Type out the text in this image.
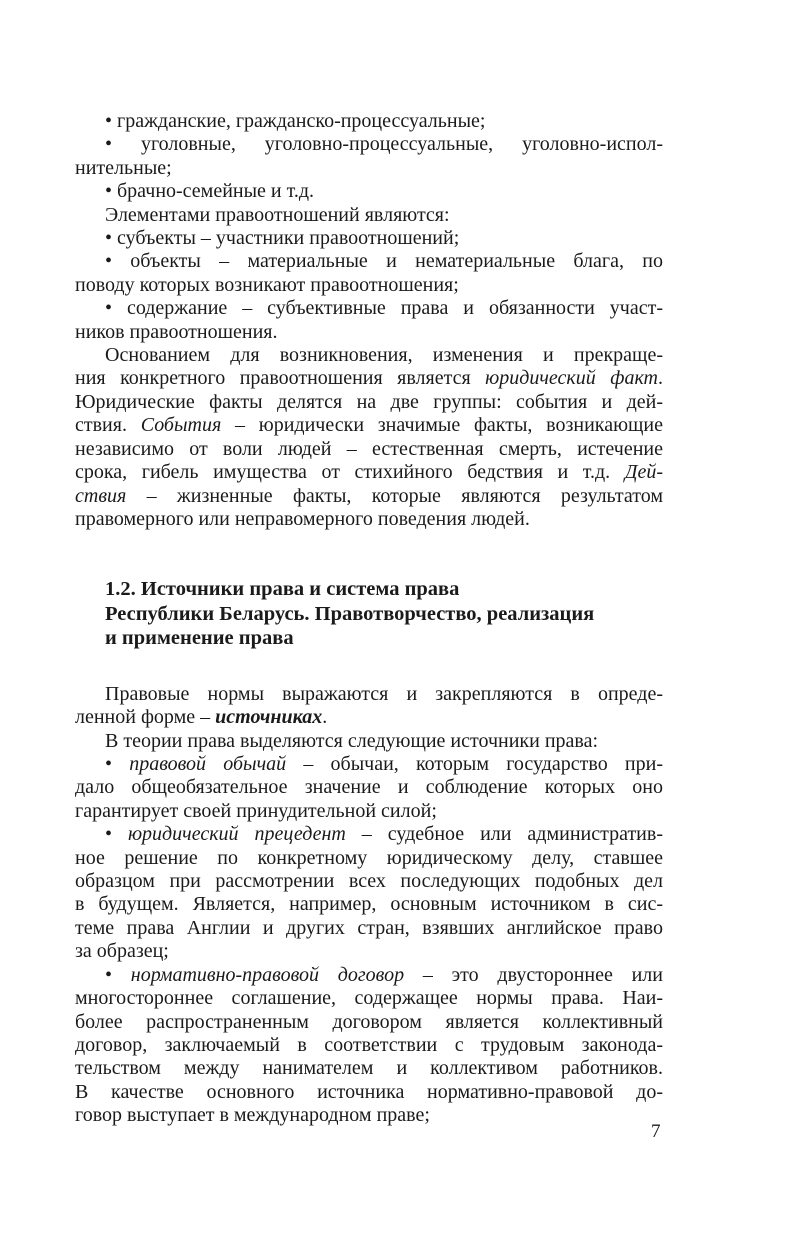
• гражданские, гражданско-процессуальные;
• уголовные, уголовно-процессуальные, уголовно-испол-
нительные;
• брачно-семейные и т.д.
Элементами правоотношений являются:
• субъекты – участники правоотношений;
• объекты – материальные и нематериальные блага, по
поводу которых возникают правоотношения;
• содержание – субъективные права и обязанности участ-
ников правоотношения.
Основанием для возникновения, изменения и прекраще-
ния конкретного правоотношения является юридический факт.
Юридические факты делятся на две группы: события и дей-
ствия. События – юридически значимые факты, возникающие
независимо от воли людей – естественная смерть, истечение
срока, гибель имущества от стихийного бедствия и т.д. Дей-
ствия – жизненные факты, которые являются результатом
правомерного или неправомерного поведения людей.
1.2. Источники права и система права
Республики Беларусь. Правотворчество, реализация
и применение права
Правовые нормы выражаются и закрепляются в опреде-
ленной форме – источниках.
В теории права выделяются следующие источники права:
• правовой обычай – обычаи, которым государство при-
дало общеобязательное значение и соблюдение которых оно
гарантирует своей принудительной силой;
• юридический прецедент – судебное или административ-
ное решение по конкретному юридическому делу, ставшее
образцом при рассмотрении всех последующих подобных дел
в будущем. Является, например, основным источником в сис-
теме права Англии и других стран, взявших английское право
за образец;
• нормативно-правовой договор – это двустороннее или
многостороннее соглашение, содержащее нормы права. Наи-
более распространенным договором является коллективный
договор, заключаемый в соответствии с трудовым законода-
тельством между нанимателем и коллективом работников.
В качестве основного источника нормативно-правовой до-
говор выступает в международном праве;
7
